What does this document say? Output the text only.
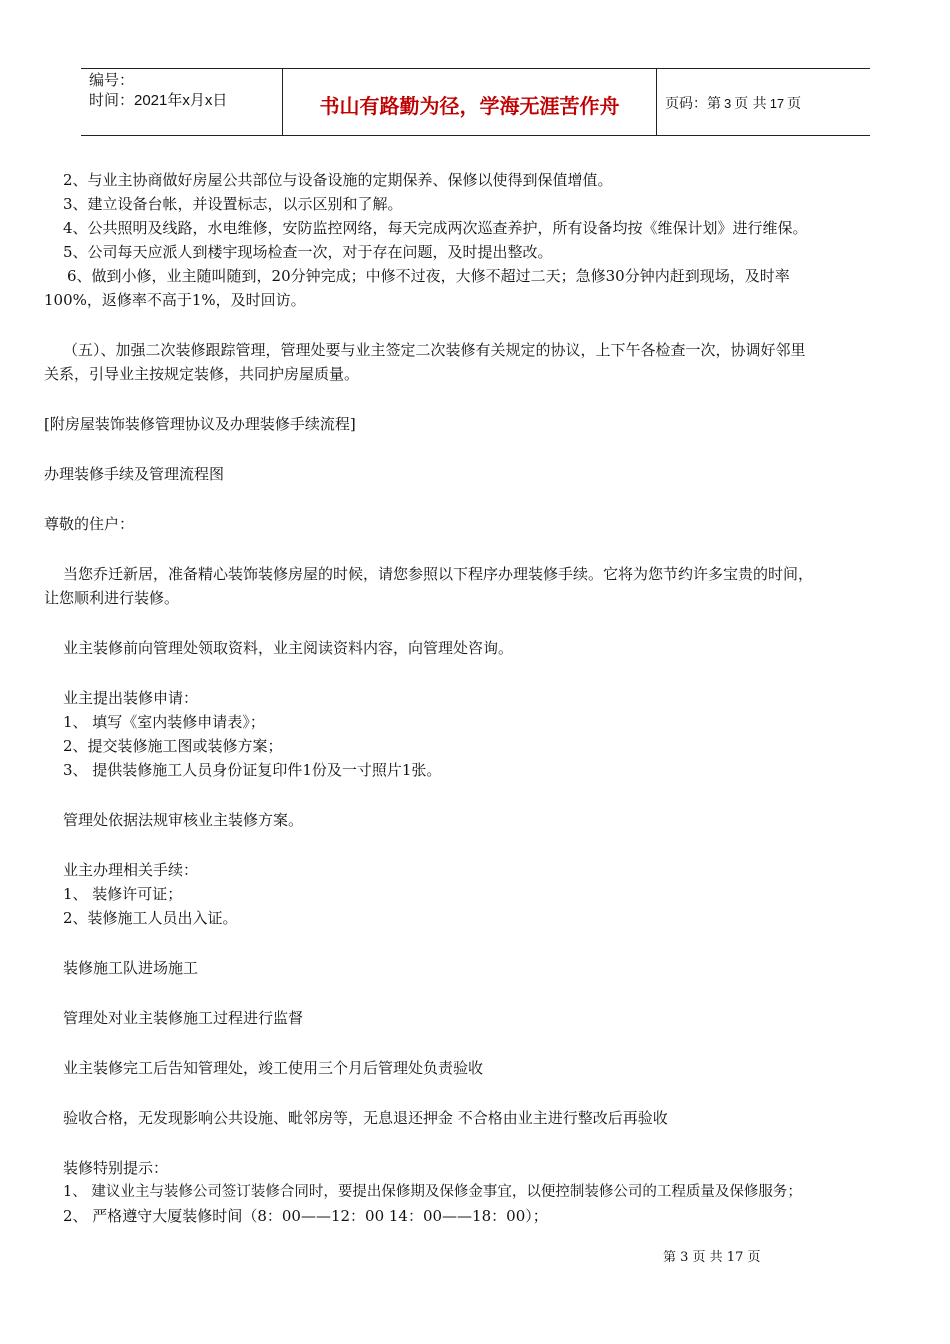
编号：
时间：2021年x月x日	书山有路勤为径，学海无涯苦作舟	页码：第 3 页 共 17 页

2、与业主协商做好房屋公共部位与设备设施的定期保养、保修以使得到保值增值。

3、建立设备台帐，并设置标志，以示区别和了解。

4、公共照明及线路，水电维修，安防监控网络，每天完成两次巡查养护，所有设备均按《维保计划》进行维保。

5、公司每天应派人到楼宇现场检查一次，对于存在问题，及时提出整改。

6、做到小修，业主随叫随到，20分钟完成；中修不过夜，大修不超过二天；急修30分钟内赶到现场，及时率

100%，返修率不高于1%，及时回访。

（五）、加强二次装修跟踪管理，管理处要与业主签定二次装修有关规定的协议，上下午各检查一次，协调好邻里

关系，引导业主按规定装修，共同护房屋质量。

[附房屋装饰装修管理协议及办理装修手续流程]

办理装修手续及管理流程图

尊敬的住户：

当您乔迁新居，准备精心装饰装修房屋的时候，请您参照以下程序办理装修手续。它将为您节约许多宝贵的时间，

让您顺利进行装修。

业主装修前向管理处领取资料，业主阅读资料内容，向管理处咨询。

业主提出装修申请：

1、 填写《室内装修申请表》；

2、提交装修施工图或装修方案；

3、 提供装修施工人员身份证复印件1份及一寸照片1张。

管理处依据法规审核业主装修方案。

业主办理相关手续：

1、 装修许可证；

2、装修施工人员出入证。

装修施工队进场施工

管理处对业主装修施工过程进行监督

业主装修完工后告知管理处，竣工使用三个月后管理处负责验收

验收合格，无发现影响公共设施、毗邻房等，无息退还押金 不合格由业主进行整改后再验收

装修特别提示：

1、 建议业主与装修公司签订装修合同时，要提出保修期及保修金事宜，以便控制装修公司的工程质量及保修服务；

2、 严格遵守大厦装修时间（8：00——12：00 14：00——18：00）；

第 3 页 共 17 页
